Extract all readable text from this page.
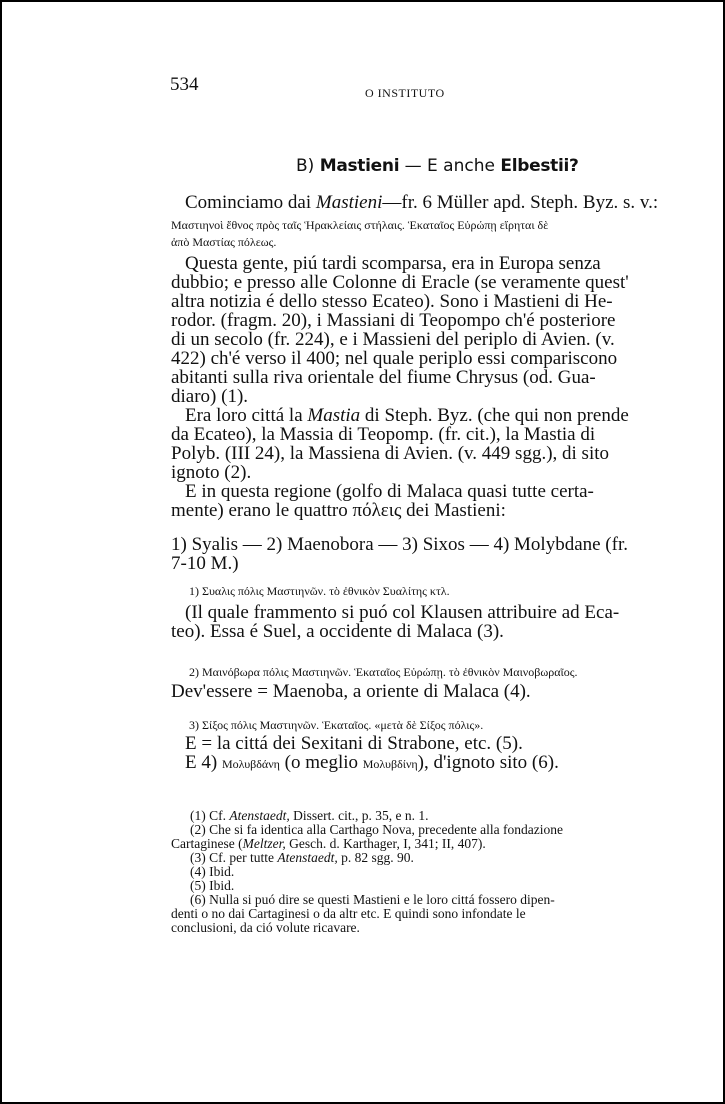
534	O INSTITUTO
B) Mastieni — E anche Elbestii?
Cominciamo dai Mastieni—fr. 6 Müller apd. Steph. Byz. s. v.:
Μαστιηνοὶ ἔθνος πρὸς ταῖς Ἡρακλείαις στήλαις. Ἑκαταῖος Εὐρώπῃ εἴρηται δὲ
ἀπὸ Μαστίας πόλεως.
Questa gente, piú tardi scomparsa, era in Europa senza
dubbio; e presso alle Colonne di Eracle (se veramente quest'
altra notizia é dello stesso Ecateo). Sono i Mastieni di He-
rodor. (fragm. 20), i Massiani di Teopompo ch'é posteriore
di un secolo (fr. 224), e i Massieni del periplo di Avien. (v.
422) ch'é verso il 400; nel quale periplo essi compariscono
abitanti sulla riva orientale del fiume Chrysus (od. Gua-
diaro) (1).
Era loro cittá la Mastia di Steph. Byz. (che qui non prende
da Ecateo), la Massia di Teopomp. (fr. cit.), la Mastia di
Polyb. (III 24), la Massiena di Avien. (v. 449 sgg.), di sito
ignoto (2).
E in questa regione (golfo di Malaca quasi tutte certa-
mente) erano le quattro πόλεις dei Mastieni:
1) Syalis — 2) Maenobora — 3) Sixos — 4) Molybdane (fr.
7-10 M.)
1) Συαλις πόλις Μαστιηνῶν. τὸ ἐθνικὸν Συαλίτης κτλ.
(Il quale frammento si puó col Klausen attribuire ad Eca-
teo). Essa é Suel, a occidente di Malaca (3).
2) Μαινόβωρα πόλις Μαστιηνῶν. Ἑκαταῖος Εὐρώπῃ. τὸ ἐθνικὸν Μαινοβωραῖος.
Dev'essere = Maenoba, a oriente di Malaca (4).
3) Σίξος πόλις Μαστιηνῶν. Ἑκαταῖος. «μετὰ δὲ Σίξος πόλις».
E = la cittá dei Sexitani di Strabone, etc. (5).
E 4) Μολυβδάνη (o meglio Μολυβδίνη), d'ignoto sito (6).
(1) Cf. Atenstaedt, Dissert. cit., p. 35, e n. 1.
(2) Che si fa identica alla Carthago Nova, precedente alla fondazione
Cartaginese (Meltzer, Gesch. d. Karthager, I, 341; II, 407).
(3) Cf. per tutte Atenstaedt, p. 82 sgg. 90.
(4) Ibid.
(5) Ibid.
(6) Nulla si puó dire se questi Mastieni e le loro cittá fossero dipen-
denti o no dai Cartaginesi o da altr etc. E quindi sono infondate le
conclusioni, da ció volute ricavare.
